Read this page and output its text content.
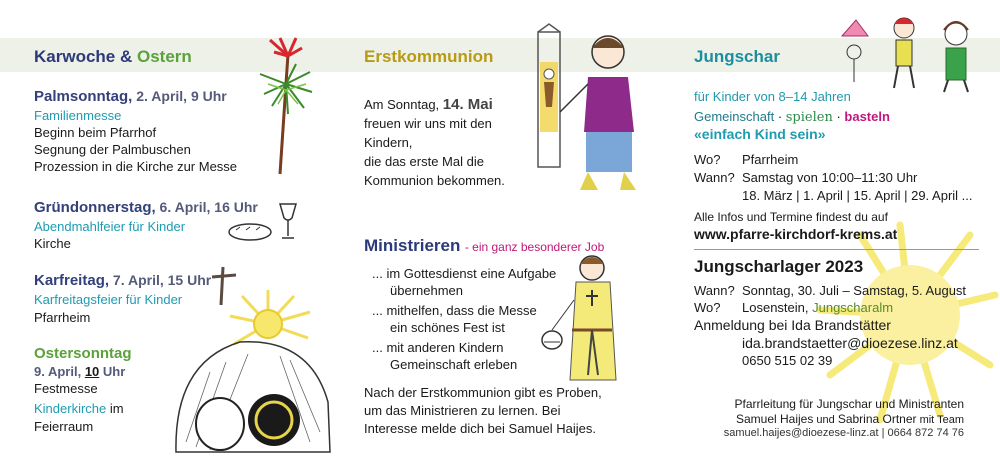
Karwoche & Ostern
Palmsonntag, 2. April, 9 Uhr
Familienmesse
Beginn beim Pfarrhof
Segnung der Palmbuschen
Prozession in die Kirche zur Messe
Gründonnerstag, 6. April, 16 Uhr
Abendmahlfeier für Kinder
Kirche
Karfreitag, 7. April, 15 Uhr
Karfreitagsfeier für Kinder
Pfarrheim
Ostersonntag
9. April, 10 Uhr
Festmesse
Kinderkirche im
Feierraum
Erstkommunion
Am Sonntag, 14. Mai
freuen wir uns mit den
Kindern,
die das erste Mal die
Kommunion bekommen.
Ministrieren - ein ganz besonderer Job
... im Gottesdienst eine Aufgabe
übernehmen
... mithelfen, dass die Messe
ein schönes Fest ist
... mit anderen Kindern
Gemeinschaft erleben
Nach der Erstkommunion gibt es Proben,
um das Ministrieren zu lernen. Bei
Interesse melde dich bei Samuel Haijes.
Jungschar
für Kinder von 8–14 Jahren
Gemeinschaft · spielen · basteln
«einfach Kind sein»
Wo? Pfarrheim
Wann? Samstag von 10:00–11:30 Uhr
18. März | 1. April | 15. April | 29. April ...
Alle Infos und Termine findest du auf
www.pfarre-kirchdorf-krems.at
Jungscharlager 2023
Wann? Sonntag, 30. Juli – Samstag, 5. August
Wo? Losenstein, Jungscharalm
Anmeldung bei Ida Brandstätter
ida.brandstaetter@dioezese.linz.at
0650 515 02 39
Pfarrleitung für Jungschar und Ministranten
Samuel Haijes und Sabrina Ortner mit Team
samuel.haijes@dioezese-linz.at | 0664 872 74 76
